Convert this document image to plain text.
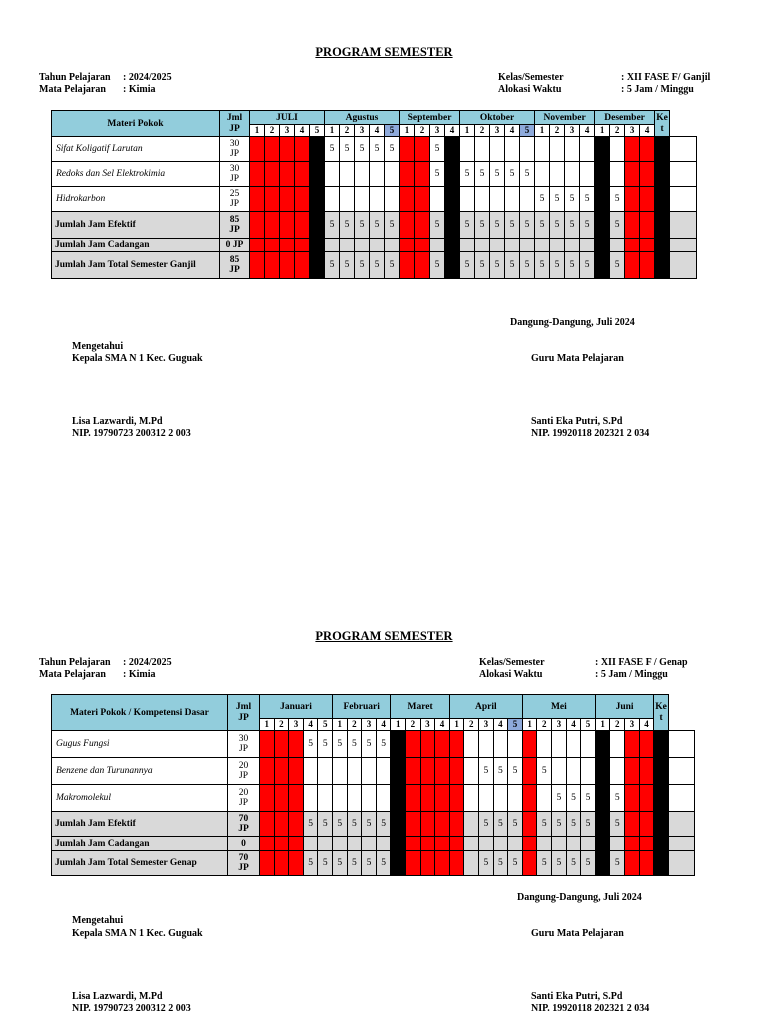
PROGRAM SEMESTER
Tahun Pelajaran : 2024/2025
Mata Pelajaran : Kimia
Kelas/Semester	: XII FASE F/ Ganjil
Alokasi Waktu	: 5 Jam / Minggu
Materi Pokok	Jml
JP	JULI					Agustus					September				Oktober					November				Desember				Ke t	
		1	2	3	4	5	1	2	3	4	5	1	2	3	4	1	2	3	4	5	1	2	3	4	1	2	3	4		
Sifat Koligatif Larutan	30
JP						5	5	5	5	5			5																
Redoks dan Sel Elektrokimia	30
JP													5		5	5	5	5	5										
Hidrokarbon	25
JP																				5	5	5	5		5				
Jumlah Jam Efektif	85
JP						5	5	5	5	5			5	5	5	5	5	5	5	5	5	5	5		5				
Jumlah Jam Cadangan	0 JP																													

Jumlah Jam Total Semester Ganjil	85
JP						5	5	5	5	5			5	5	5	5	5	5	5	5	5	5	5		5				
Dangung-Dangung, Juli 2024
Mengetahui
Kepala SMA N 1 Kec. Guguak	Guru Mata Pelajaran
Lisa Lazwardi, M.Pd
NIP. 19790723 200312 2 003
Santi Eka Putri, S.Pd
NIP. 19920118 202321 2 034
PROGRAM SEMESTER
Tahun Pelajaran : 2024/2025
Mata Pelajaran : Kimia
Kelas/Semester	: XII FASE F / Genap
Alokasi Waktu	: 5 Jam / Minggu
Materi Pokok / Kompetensi Dasar	Jml
JP	Januari					Februari				Maret				April					Mei					Juni				Ke t	
		1	2	3	4	5	1	2	3	4	1	2	3	4	1	2	3	4	5	1	2	3	4	5	1	2	3	4		
Gugus Fungsi	30
JP				5	5	5	5	5	5																				
Benzene dan Turunannya	20
JP																5	5	5		5									
Makromolekul	20
JP																					5	5	5		5				
Jumlah Jam Efektif	70
JP				5	5	5	5	5	5							5	5	5		5	5	5	5		5				
Jumlah Jam Cadangan	0																													

Jumlah Jam Total Semester Genap	70
JP				5	5	5	5	5	5							5	5	5		5	5	5	5		5				
Dangung-Dangung, Juli 2024
Mengetahui
Kepala SMA N 1 Kec. Guguak	Guru Mata Pelajaran
Lisa Lazwardi, M.Pd
NIP. 19790723 200312 2 003
Santi Eka Putri, S.Pd
NIP. 19920118 202321 2 034
